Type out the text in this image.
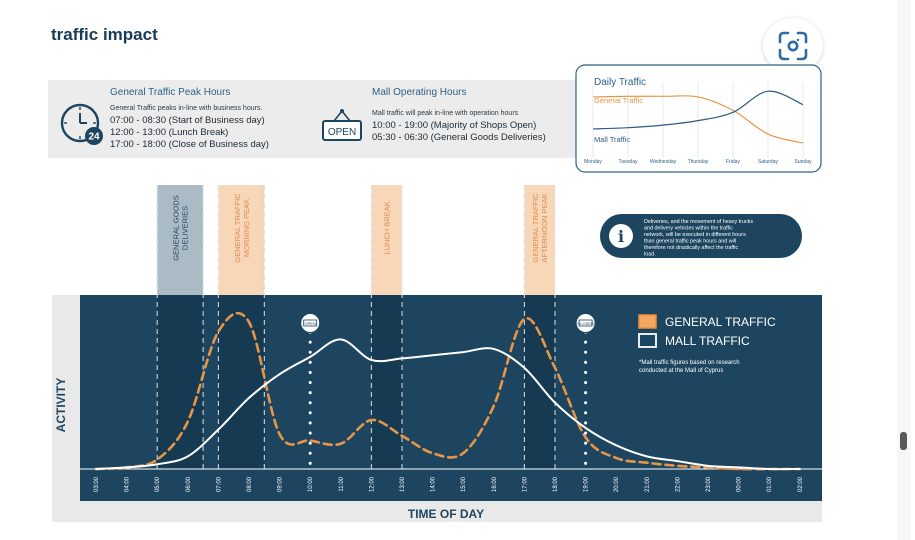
traffic impact
24
General Traffic Peak Hours
General Traffic peaks in-line with business hours.
07:00 - 08:30 (Start of Business day)
12:00 - 13:00 (Lunch Break)
17:00 - 18:00 (Close of Business day)
OPEN
Mall Operating Hours
Mall traffic will peak in-line with operation hours
10:00 - 19:00 (Majority of Shops Open)
05:30 - 06:30 (General Goods Deliveries)
Daily Traffic
General Traffic
Mall Traffic
Monday	Tuesday Wednesday Thursday	Friday	Saturday	Sunday
i
Deliveries, and the movement of heavy trucks and delivery vehicles within the traffic network, will be executed in different hours than general traffic peak hours and will therefore not drastically affect the traffic load.
GENERAL GOODS DELIVERIES	GENERAL TRAFFIC MORNING PEAK	LUNCH BREAK	GENERAL TRAFFIC AFTERNOON PEAK
OPEN	CLOSED
03:00	04:00	05:00	06:00	07:00	08:00	09:00	10:00	11:00	12:00	13:00	14:00	15:00	16:00	17:00	18:00	19:00	20:00	21:00	22:00	23:00	00:00	01:00	02:00
ACTIVITY
TIME OF DAY
GENERAL TRAFFIC
MALL TRAFFIC
*Mall traffic figures based on research
conducted at the Mall of Cyprus
